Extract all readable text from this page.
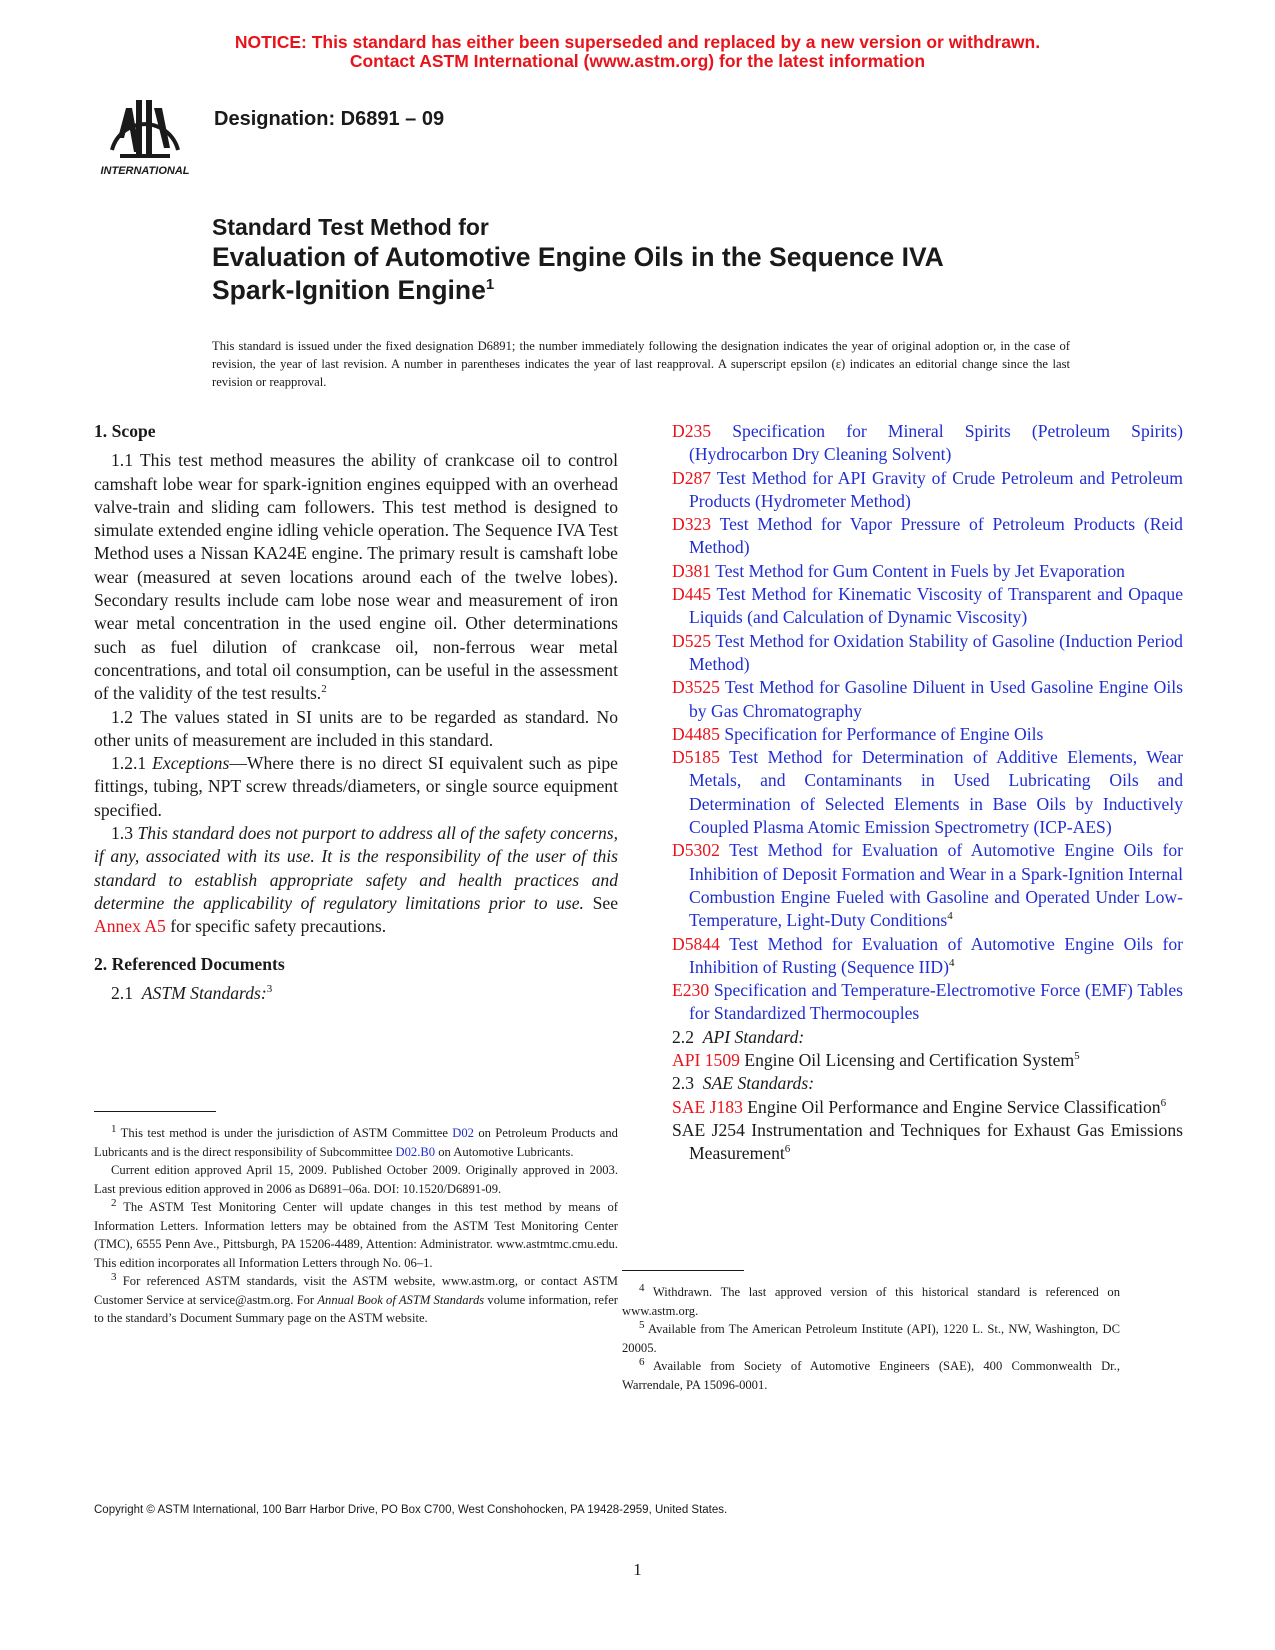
NOTICE: This standard has either been superseded and replaced by a new version or withdrawn.
Contact ASTM International (www.astm.org) for the latest information
INTERNATIONAL
Designation: D6891 – 09
Standard Test Method for
Evaluation of Automotive Engine Oils in the Sequence IVA
Spark-Ignition Engine$^1$
This standard is issued under the fixed designation D6891; the number immediately following the designation indicates the year of original adoption or, in the case of revision, the year of last revision. A number in parentheses indicates the year of last reapproval. A superscript epsilon (ε) indicates an editorial change since the last revision or reapproval.

1. Scope

1.1 This test method measures the ability of crankcase oil to control camshaft lobe wear for spark-ignition engines equipped with an overhead valve-train and sliding cam followers. This test method is designed to simulate extended engine idling vehicle operation. The Sequence IVA Test Method uses a Nissan KA24E engine. The primary result is camshaft lobe wear (measured at seven locations around each of the twelve lobes). Secondary results include cam lobe nose wear and measurement of iron wear metal concentration in the used engine oil. Other determinations such as fuel dilution of crankcase oil, non-ferrous wear metal concentrations, and total oil consumption, can be useful in the assessment of the validity of the test results.$^2$

1.2 The values stated in SI units are to be regarded as standard. No other units of measurement are included in this standard.

1.2.1 Exceptions—Where there is no direct SI equivalent such as pipe fittings, tubing, NPT screw threads/diameters, or single source equipment specified.

1.3 This standard does not purport to address all of the safety concerns, if any, associated with its use. It is the responsibility of the user of this standard to establish appropriate safety and health practices and determine the applicability of regulatory limitations prior to use. See Annex A5 for specific safety precautions.

2. Referenced Documents

2.1 ASTM Standards:$^3$

$^1$ This test method is under the jurisdiction of ASTM Committee D02 on Petroleum Products and Lubricants and is the direct responsibility of Subcommittee D02.B0 on Automotive Lubricants.

Current edition approved April 15, 2009. Published October 2009. Originally approved in 2003. Last previous edition approved in 2006 as D6891–06a. DOI: 10.1520/D6891-09.

$^2$ The ASTM Test Monitoring Center will update changes in this test method by means of Information Letters. Information letters may be obtained from the ASTM Test Monitoring Center (TMC), 6555 Penn Ave., Pittsburgh, PA 15206-4489, Attention: Administrator. www.astmtmc.cmu.edu. This edition incorporates all Information Letters through No. 06–1.

$^3$ For referenced ASTM standards, visit the ASTM website, www.astm.org, or contact ASTM Customer Service at service@astm.org. For Annual Book of ASTM Standards volume information, refer to the standard’s Document Summary page on the ASTM website.

D235 Specification for Mineral Spirits (Petroleum Spirits) (Hydrocarbon Dry Cleaning Solvent)

D287 Test Method for API Gravity of Crude Petroleum and Petroleum Products (Hydrometer Method)

D323 Test Method for Vapor Pressure of Petroleum Products (Reid Method)

D381 Test Method for Gum Content in Fuels by Jet Evaporation

D445 Test Method for Kinematic Viscosity of Transparent and Opaque Liquids (and Calculation of Dynamic Viscosity)

D525 Test Method for Oxidation Stability of Gasoline (Induction Period Method)

D3525 Test Method for Gasoline Diluent in Used Gasoline Engine Oils by Gas Chromatography

D4485 Specification for Performance of Engine Oils

D5185 Test Method for Determination of Additive Elements, Wear Metals, and Contaminants in Used Lubricating Oils and Determination of Selected Elements in Base Oils by Inductively Coupled Plasma Atomic Emission Spectrometry (ICP-AES)

D5302 Test Method for Evaluation of Automotive Engine Oils for Inhibition of Deposit Formation and Wear in a Spark-Ignition Internal Combustion Engine Fueled with Gasoline and Operated Under Low-Temperature, Light-Duty Conditions$^4$

D5844 Test Method for Evaluation of Automotive Engine Oils for Inhibition of Rusting (Sequence IID)$^4$

E230 Specification and Temperature-Electromotive Force (EMF) Tables for Standardized Thermocouples

2.2 API Standard:

API 1509 Engine Oil Licensing and Certification System$^5$

2.3 SAE Standards:

SAE J183 Engine Oil Performance and Engine Service Classification$^6$

SAE J254 Instrumentation and Techniques for Exhaust Gas Emissions Measurement$^6$

$^4$ Withdrawn. The last approved version of this historical standard is referenced on www.astm.org.

$^5$ Available from The American Petroleum Institute (API), 1220 L. St., NW, Washington, DC 20005.

$^6$ Available from Society of Automotive Engineers (SAE), 400 Commonwealth Dr., Warrendale, PA 15096-0001.

Copyright © ASTM International, 100 Barr Harbor Drive, PO Box C700, West Conshohocken, PA 19428-2959, United States.
1
